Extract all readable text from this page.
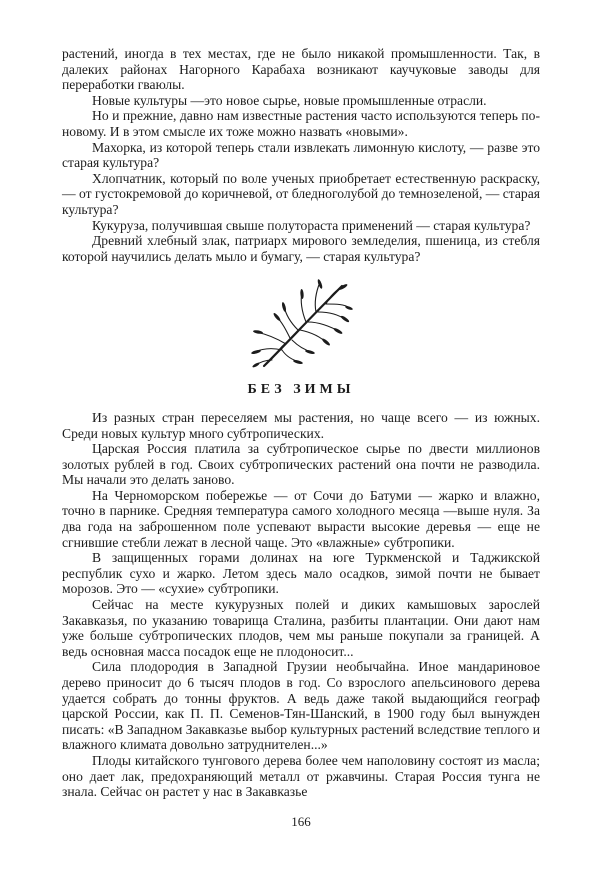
растений, иногда в тех местах, где не было никакой промышленности. Так, в далеких районах Нагорного Карабаха возникают каучуковые заводы для переработки гваюлы.

Новые культуры —это новое сырье, новые промышленные отрасли.

Но и прежние, давно нам известные растения часто используются теперь по-новому. И в этом смысле их тоже можно назвать «новыми».

Махорка, из которой теперь стали извлекать лимонную кислоту, — разве это старая культура?

Хлопчатник, который по воле ученых приобретает естественную раскраску, — от густокремовой до коричневой, от бледноголубой до темнозеленой, — старая культура?

Кукуруза, получившая свыше полутораста применений — старая культура?

Древний хлебный злак, патриарх мирового земледелия, пшеница, из стебля которой научились делать мыло и бумагу, — старая культура?

БЕЗ ЗИМЫ

Из разных стран переселяем мы растения, но чаще всего — из южных. Среди новых культур много субтропических.

Царская Россия платила за субтропическое сырье по двести миллионов золотых рублей в год. Своих субтропических растений она почти не разводила. Мы начали это делать заново.

На Черноморском побережье — от Сочи до Батуми — жарко и влажно, точно в парнике. Средняя температура самого холодного месяца —выше нуля. За два года на заброшенном поле успевают вырасти высокие деревья — еще не сгнившие стебли лежат в лесной чаще. Это «влажные» субтропики.

В защищенных горами долинах на юге Туркменской и Таджикской республик сухо и жарко. Летом здесь мало осадков, зимой почти не бывает морозов. Это — «сухие» субтропики.

Сейчас на месте кукурузных полей и диких камышовых зарослей Закавказья, по указанию товарища Сталина, разбиты плантации. Они дают нам уже больше субтропических плодов, чем мы раньше покупали за границей. А ведь основная масса посадок еще не плодоносит...

Сила плодородия в Западной Грузии необычайна. Иное мандариновое дерево приносит до 6 тысяч плодов в год. Со взрослого апельсинового дерева удается собрать до тонны фруктов. А ведь даже такой выдающийся географ царской России, как П. П. Семенов-Тян-Шанский, в 1900 году был вынужден писать: «В Западном Закавказье выбор культурных растений вследствие теплого и влажного климата довольно затруднителен...»

Плоды китайского тунгового дерева более чем наполовину состоят из масла; оно дает лак, предохраняющий металл от ржавчины. Старая Россия тунга не знала. Сейчас он растет у нас в Закавказье

166
